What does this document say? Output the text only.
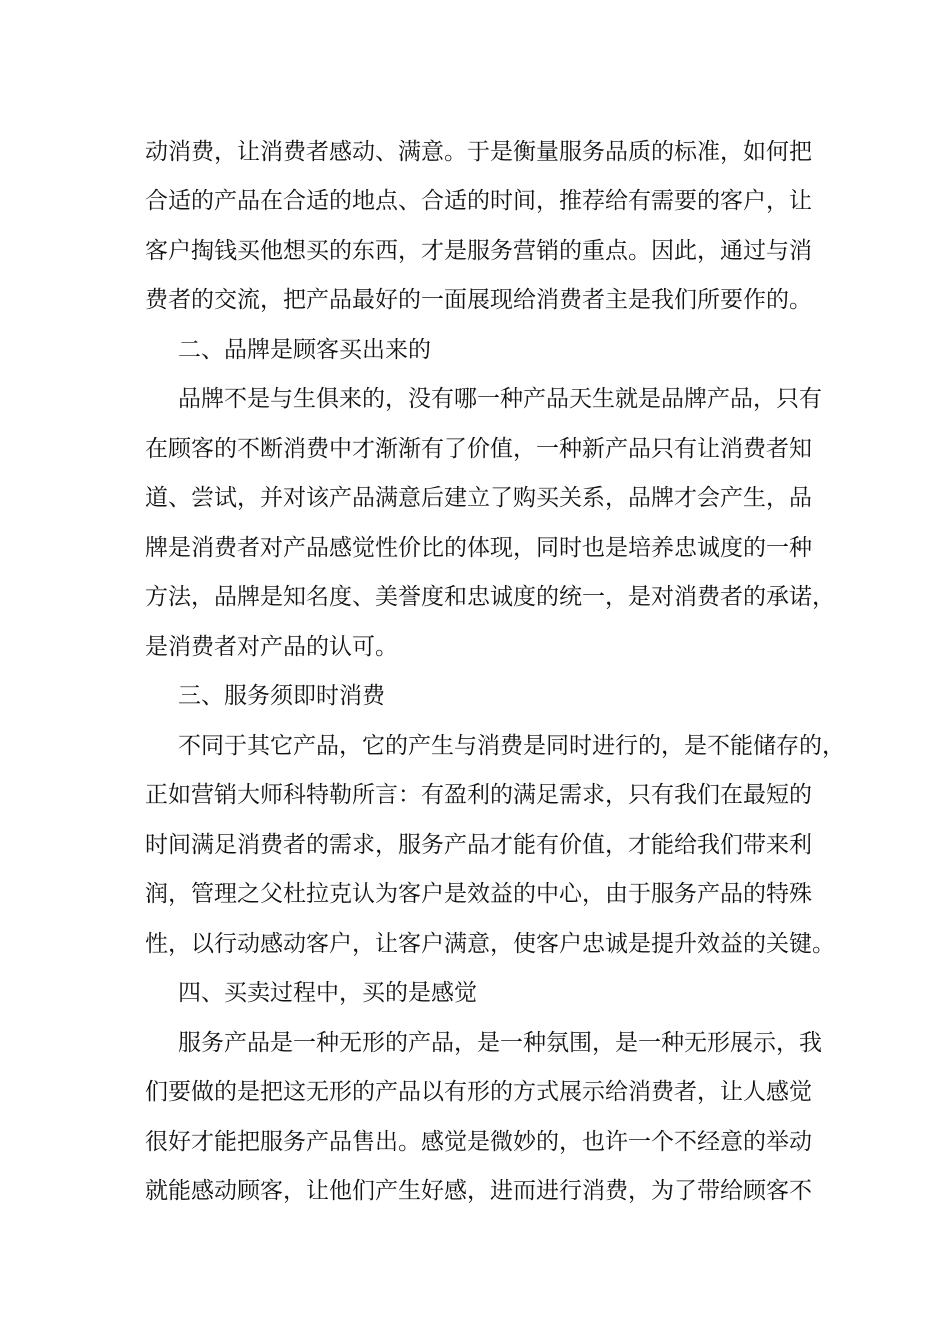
动消费，让消费者感动、满意。于是衡量服务品质的标准，如何把
合适的产品在合适的地点、合适的时间，推荐给有需要的客户，让
客户掏钱买他想买的东西，才是服务营销的重点。因此，通过与消
费者的交流，把产品最好的一面展现给消费者主是我们所要作的。
二、品牌是顾客买出来的
品牌不是与生俱来的，没有哪一种产品天生就是品牌产品，只有
在顾客的不断消费中才渐渐有了价值，一种新产品只有让消费者知
道、尝试，并对该产品满意后建立了购买关系，品牌才会产生，品
牌是消费者对产品感觉性价比的体现，同时也是培养忠诚度的一种
方法，品牌是知名度、美誉度和忠诚度的统一，是对消费者的承诺，
是消费者对产品的认可。
三、服务须即时消费
不同于其它产品，它的产生与消费是同时进行的，是不能储存的，
正如营销大师科特勒所言：有盈利的满足需求，只有我们在最短的
时间满足消费者的需求，服务产品才能有价值，才能给我们带来利
润，管理之父杜拉克认为客户是效益的中心，由于服务产品的特殊
性，以行动感动客户，让客户满意，使客户忠诚是提升效益的关键。
四、买卖过程中，买的是感觉
服务产品是一种无形的产品，是一种氛围，是一种无形展示，我
们要做的是把这无形的产品以有形的方式展示给消费者，让人感觉
很好才能把服务产品售出。感觉是微妙的，也许一个不经意的举动
就能感动顾客，让他们产生好感，进而进行消费，为了带给顾客不
